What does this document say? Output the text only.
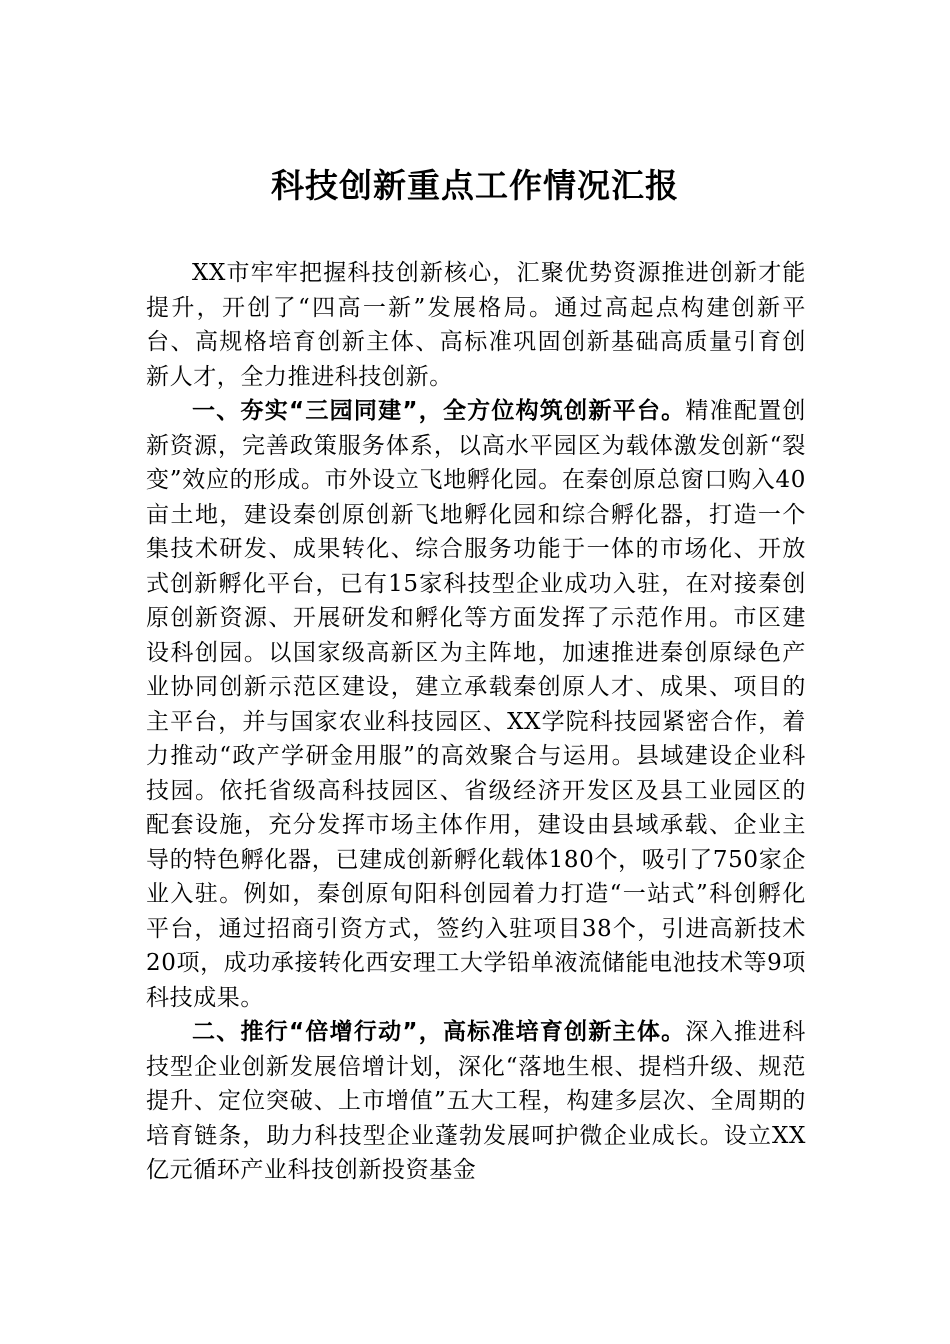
科技创新重点工作情况汇报

XX市牢牢把握科技创新核心，汇聚优势资源推进创新才能提升，开创了“四高一新”发展格局。通过高起点构建创新平台、高规格培育创新主体、高标准巩固创新基础高质量引育创新人才，全力推进科技创新。

一、夯实“三园同建”，全方位构筑创新平台。精准配置创新资源，完善政策服务体系，以高水平园区为载体激发创新“裂变”效应的形成。市外设立飞地孵化园。在秦创原总窗口购入40亩土地，建设秦创原创新飞地孵化园和综合孵化器，打造一个集技术研发、成果转化、综合服务功能于一体的市场化、开放式创新孵化平台，已有15家科技型企业成功入驻，在对接秦创原创新资源、开展研发和孵化等方面发挥了示范作用。市区建设科创园。以国家级高新区为主阵地，加速推进秦创原绿色产业协同创新示范区建设，建立承载秦创原人才、成果、项目的主平台，并与国家农业科技园区、XX学院科技园紧密合作，着力推动“政产学研金用服”的高效聚合与运用。县域建设企业科技园。依托省级高科技园区、省级经济开发区及县工业园区的配套设施，充分发挥市场主体作用，建设由县域承载、企业主导的特色孵化器，已建成创新孵化载体180个，吸引了750家企业入驻。例如，秦创原旬阳科创园着力打造“一站式”科创孵化平台，通过招商引资方式，签约入驻项目38个，引进高新技术20项，成功承接转化西安理工大学铅单液流储能电池技术等9项科技成果。

二、推行“倍增行动”，高标准培育创新主体。深入推进科技型企业创新发展倍增计划，深化“落地生根、提档升级、规范提升、定位突破、上市增值”五大工程，构建多层次、全周期的培育链条，助力科技型企业蓬勃发展呵护微企业成长。设立XX亿元循环产业科技创新投资基金
